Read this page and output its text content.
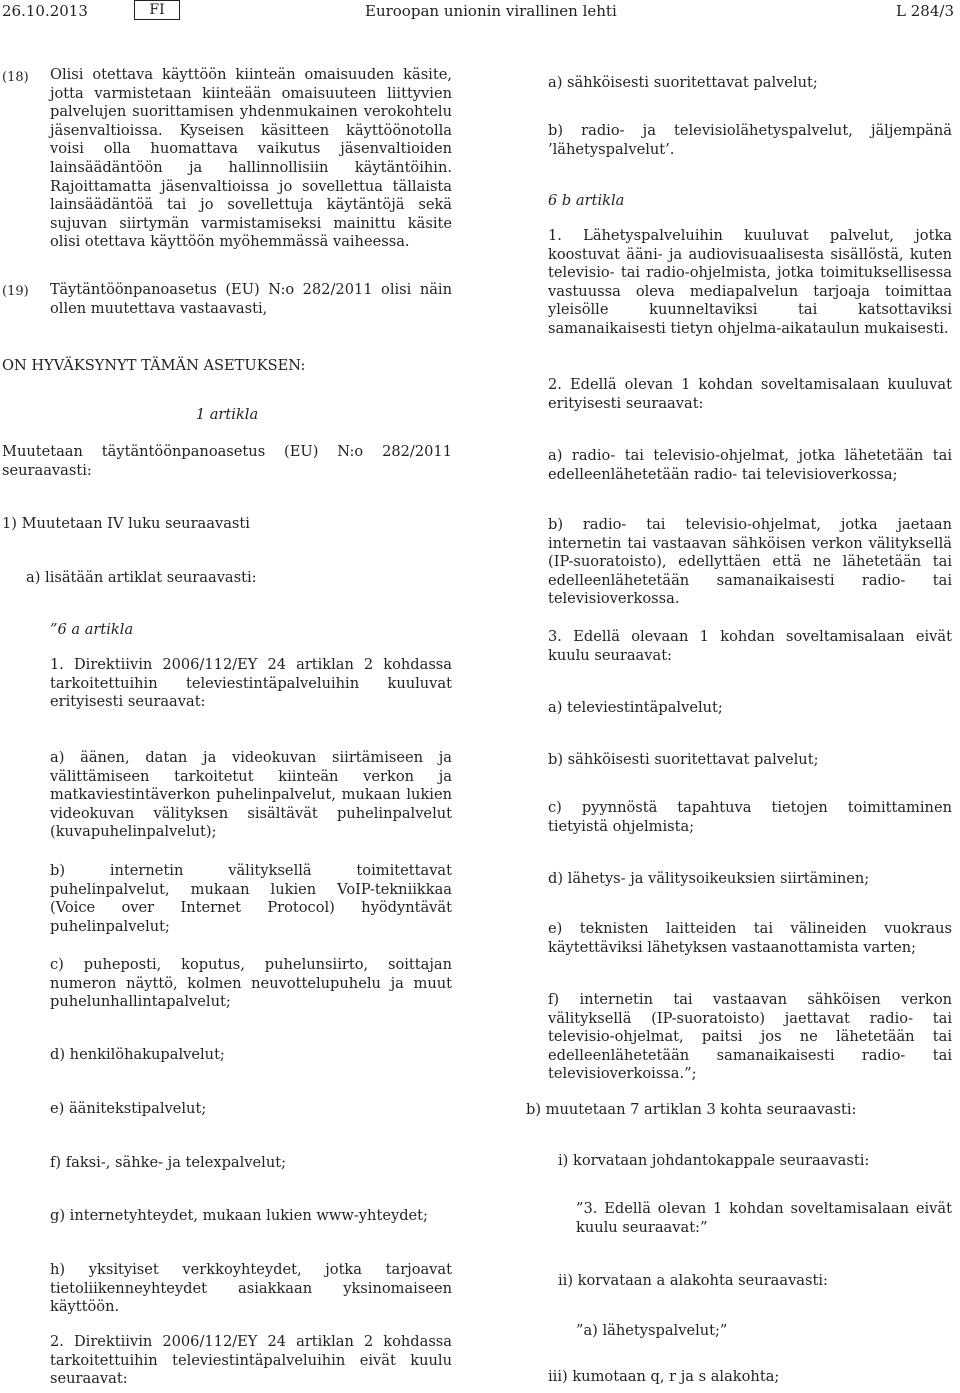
26.10.2013	FI	Euroopan unionin virallinen lehti	L 284/3
(18) Olisi otettava käyttöön kiinteän omaisuuden käsite, jotta varmistetaan kiinteään omaisuuteen liittyvien palvelujen suorittamisen yhdenmukainen verokohtelu jäsenvaltioissa. Kyseisen käsitteen käyttöönotolla voisi olla huomattava vaikutus jäsenvaltioiden lainsäädäntöön ja hallinnollisiin käytäntöihin. Rajoittamatta jäsenvaltioissa jo sovellettua tällaista lainsäädäntöä tai jo sovellettuja käytäntöjä sekä sujuvan siirtymän varmistamiseksi mainittu käsite olisi otettava käyttöön myöhemmässä vaiheessa.
(19) Täytäntöönpanoasetus (EU) N:o 282/2011 olisi näin ollen muutettava vastaavasti,
ON HYVÄKSYNYT TÄMÄN ASETUKSEN:
1 artikla
Muutetaan täytäntöönpanoasetus (EU) N:o 282/2011 seuraavasti:
1) Muutetaan IV luku seuraavasti
a) lisätään artiklat seuraavasti:
”6 a artikla
1. Direktiivin 2006/112/EY 24 artiklan 2 kohdassa tarkoitettuihin televiestintäpalveluihin kuuluvat erityisesti seuraavat:
a) äänen, datan ja videokuvan siirtämiseen ja välittämiseen tarkoitetut kiinteän verkon ja matkaviestintäverkon puhelinpalvelut, mukaan lukien videokuvan välityksen sisältävät puhelinpalvelut (kuvapuhelinpalvelut);
b) internetin välityksellä toimitettavat puhelinpalvelut, mukaan lukien VoIP-tekniikkaa (Voice over Internet Protocol) hyödyntävät puhelinpalvelut;
c) puheposti, koputus, puhelunsiirto, soittajan numeron näyttö, kolmen neuvottelupuhelu ja muut puhelunhallintapalvelut;
d) henkilöhakupalvelut;
e) äänitekstipalvelut;
f) faksi-, sähke- ja telexpalvelut;
g) internetyhteydet, mukaan lukien www-yhteydet;
h) yksityiset verkkoyhteydet, jotka tarjoavat tietoliikenneyhteydet asiakkaan yksinomaiseen käyttöön.
2. Direktiivin 2006/112/EY 24 artiklan 2 kohdassa tarkoitettuihin televiestintäpalveluihin eivät kuulu seuraavat:
a) sähköisesti suoritettavat palvelut;
b) radio- ja televisiolähetyspalvelut, jäljempänä ’lähetyspalvelut’.
6 b artikla
1. Lähetyspalveluihin kuuluvat palvelut, jotka koostuvat ääni- ja audiovisuaalisesta sisällöstä, kuten televisio- tai radio-ohjelmista, jotka toimituksellisessa vastuussa oleva mediapalvelun tarjoaja toimittaa yleisölle kuunneltaviksi tai katsottaviksi samanaikaisesti tietyn ohjelma-aikataulun mukaisesti.
2. Edellä olevan 1 kohdan soveltamisalaan kuuluvat erityisesti seuraavat:
a) radio- tai televisio-ohjelmat, jotka lähetetään tai edelleenlähetetään radio- tai televisioverkossa;
b) radio- tai televisio-ohjelmat, jotka jaetaan internetin tai vastaavan sähköisen verkon välityksellä (IP-suoratoisto), edellyttäen että ne lähetetään tai edelleenlähetetään samanaikaisesti radio- tai televisioverkossa.
3. Edellä olevaan 1 kohdan soveltamisalaan eivät kuulu seuraavat:
a) televiestintäpalvelut;
b) sähköisesti suoritettavat palvelut;
c) pyynnöstä tapahtuva tietojen toimittaminen tietyistä ohjelmista;
d) lähetys- ja välitysoikeuksien siirtäminen;
e) teknisten laitteiden tai välineiden vuokraus käytettäviksi lähetyksen vastaanottamista varten;
f) internetin tai vastaavan sähköisen verkon välityksellä (IP-suoratoisto) jaettavat radio- tai televisio-ohjelmat, paitsi jos ne lähetetään tai edelleenlähetetään samanaikaisesti radio- tai televisioverkoissa.”;
b) muutetaan 7 artiklan 3 kohta seuraavasti:
i) korvataan johdantokappale seuraavasti:
”3. Edellä olevan 1 kohdan soveltamisalaan eivät kuulu seuraavat:”
ii) korvataan a alakohta seuraavasti:
”a) lähetyspalvelut;”
iii) kumotaan q, r ja s alakohta;
